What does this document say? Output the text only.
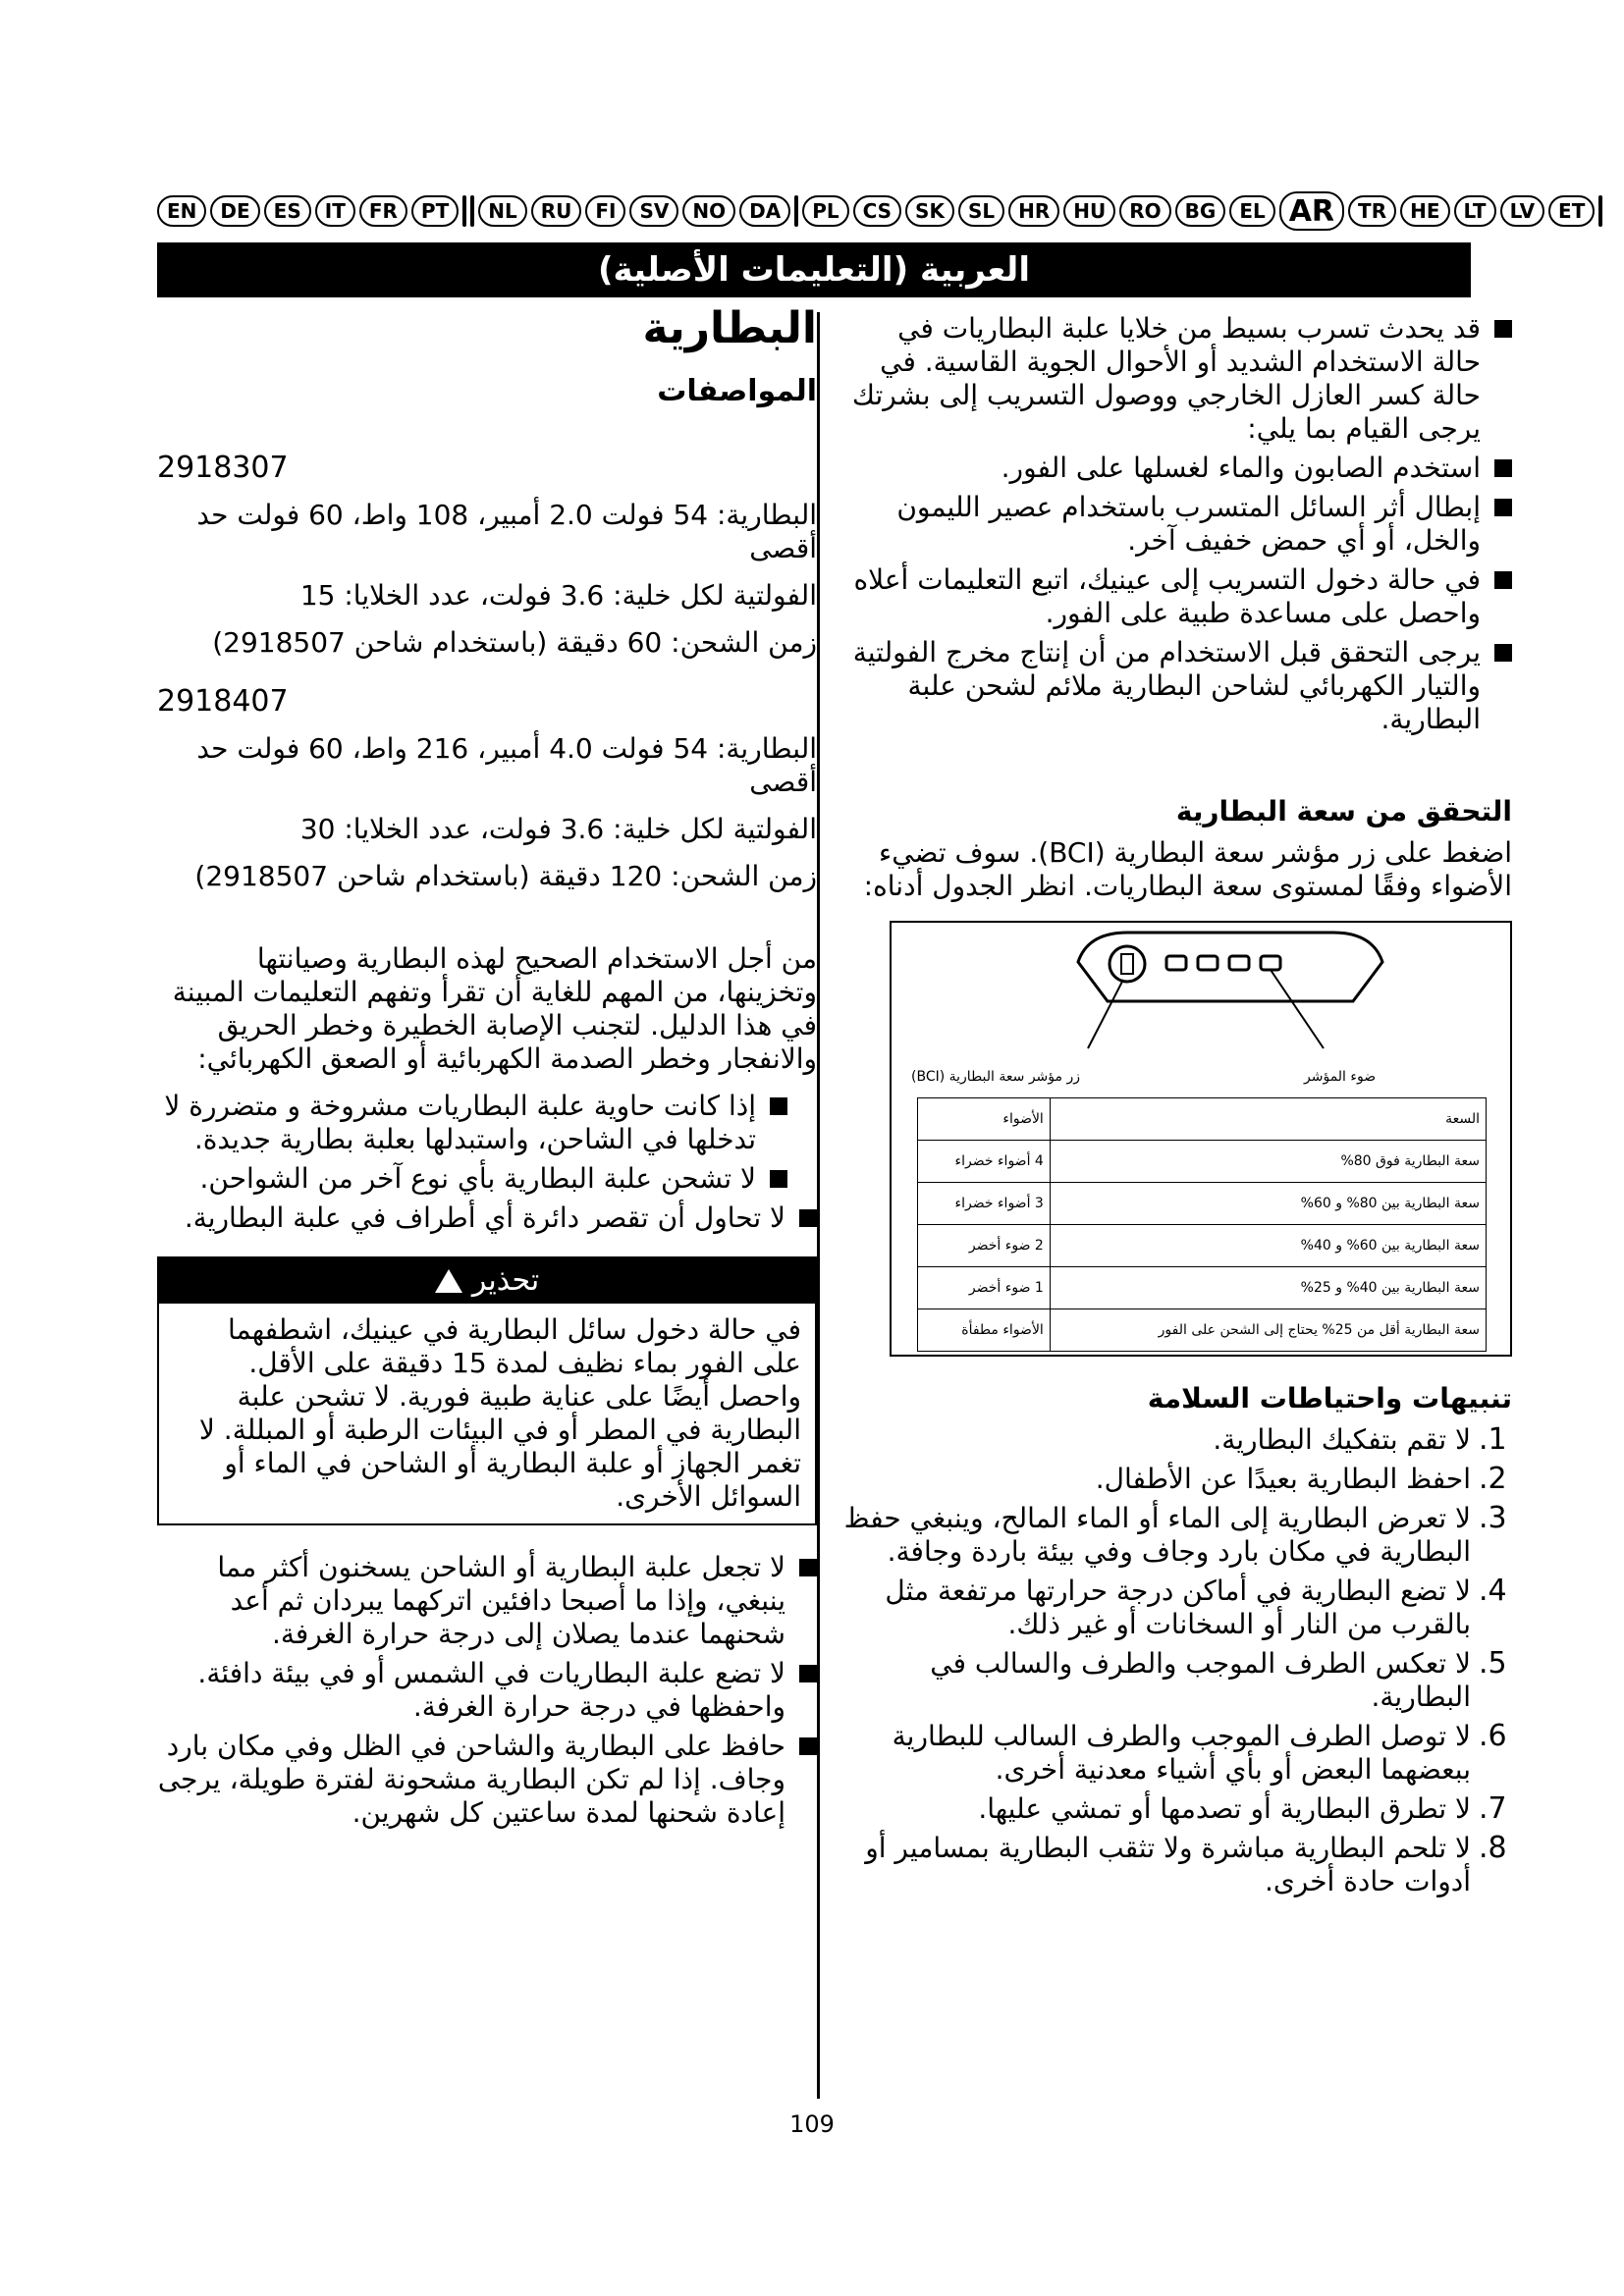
EN	DE	ES	IT	FR	PT	NL	RU	FI	SV	NO	DA	PL	CS	SK	SL	HR	HU	RO	BG	EL AR	TR	HE	LT	LV	ET
العربية (التعليمات الأصلية)
قد يحدث تسرب بسيط من خلايا علبة البطاريات في حالة الاستخدام الشديد أو الأحوال الجوية القاسية. في حالة كسر العازل الخارجي ووصول التسريب إلى بشرتك يرجى القيام بما يلي:
استخدم الصابون والماء لغسلها على الفور.
إبطال أثر السائل المتسرب باستخدام عصير الليمون والخل، أو أي حمض خفيف آخر.
في حالة دخول التسريب إلى عينيك، اتبع التعليمات أعلاه واحصل على مساعدة طبية على الفور.
يرجى التحقق قبل الاستخدام من أن إنتاج مخرج الفولتية والتيار الكهربائي لشاحن البطارية ملائم لشحن علبة البطارية.
التحقق من سعة البطارية

اضغط على زر مؤشر سعة البطارية (BCI). سوف تضيء الأضواء وفقًا لمستوى سعة البطاريات. انظر الجدول أدناه:

زر مؤشر سعة البطارية (BCI)	ضوء المؤشر
السعة	الأضواء
سعة البطارية فوق 80%	4 أضواء خضراء
سعة البطارية بين 80% و 60%	3 أضواء خضراء
سعة البطارية بين 60% و 40%	2 ضوء أخضر
سعة البطارية بين 40% و 25%	1 ضوء أخضر
سعة البطارية أقل من 25% يحتاج إلى الشحن على الفور	الأضواء مطفأة
تنبيهات واحتياطات السلامة
.1
لا تقم بتفكيك البطارية.
.2
احفظ البطارية بعيدًا عن الأطفال.
.3
لا تعرض البطارية إلى الماء أو الماء المالح، وينبغي حفظ البطارية في مكان بارد وجاف وفي بيئة باردة وجافة.
.4
لا تضع البطارية في أماكن درجة حرارتها مرتفعة مثل بالقرب من النار أو السخانات أو غير ذلك.
.5
لا تعكس الطرف الموجب والطرف والسالب في البطارية.
.6
لا توصل الطرف الموجب والطرف السالب للبطارية ببعضهما البعض أو بأي أشياء معدنية أخرى.
.7
لا تطرق البطارية أو تصدمها أو تمشي عليها.
.8
لا تلحم البطارية مباشرة ولا تثقب البطارية بمسامير أو أدوات حادة أخرى.
البطارية
المواصفات
2918307

البطارية: 54 فولت 2.0 أمبير، 108 واط، 60 فولت حد أقصى

الفولتية لكل خلية: 3.6 فولت، عدد الخلايا: 15

زمن الشحن: 60 دقيقة (باستخدام شاحن 2918507)

2918407

البطارية: 54 فولت 4.0 أمبير، 216 واط، 60 فولت حد أقصى

الفولتية لكل خلية: 3.6 فولت، عدد الخلايا: 30

زمن الشحن: 120 دقيقة (باستخدام شاحن 2918507)

من أجل الاستخدام الصحيح لهذه البطارية وصيانتها وتخزينها، من المهم للغاية أن تقرأ وتفهم التعليمات المبينة في هذا الدليل. لتجنب الإصابة الخطيرة وخطر الحريق والانفجار وخطر الصدمة الكهربائية أو الصعق الكهربائي:

إذا كانت حاوية علبة البطاريات مشروخة و متضررة لا تدخلها في الشاحن، واستبدلها بعلبة بطارية جديدة.
لا تشحن علبة البطارية بأي نوع آخر من الشواحن.
لا تحاول أن تقصر دائرة أي أطراف في علبة البطارية.
تحذير
في حالة دخول سائل البطارية في عينيك، اشطفهما على الفور بماء نظيف لمدة 15 دقيقة على الأقل. واحصل أيضًا على عناية طبية فورية. لا تشحن علبة البطارية في المطر أو في البيئات الرطبة أو المبللة. لا تغمر الجهاز أو علبة البطارية أو الشاحن في الماء أو السوائل الأخرى.
لا تجعل علبة البطارية أو الشاحن يسخنون أكثر مما ينبغي، وإذا ما أصبحا دافئين اتركهما يبردان ثم أعد شحنهما عندما يصلان إلى درجة حرارة الغرفة.
لا تضع علبة البطاريات في الشمس أو في بيئة دافئة. واحفظها في درجة حرارة الغرفة.
حافظ على البطارية والشاحن في الظل وفي مكان بارد وجاف. إذا لم تكن البطارية مشحونة لفترة طويلة، يرجى إعادة شحنها لمدة ساعتين كل شهرين.
109
